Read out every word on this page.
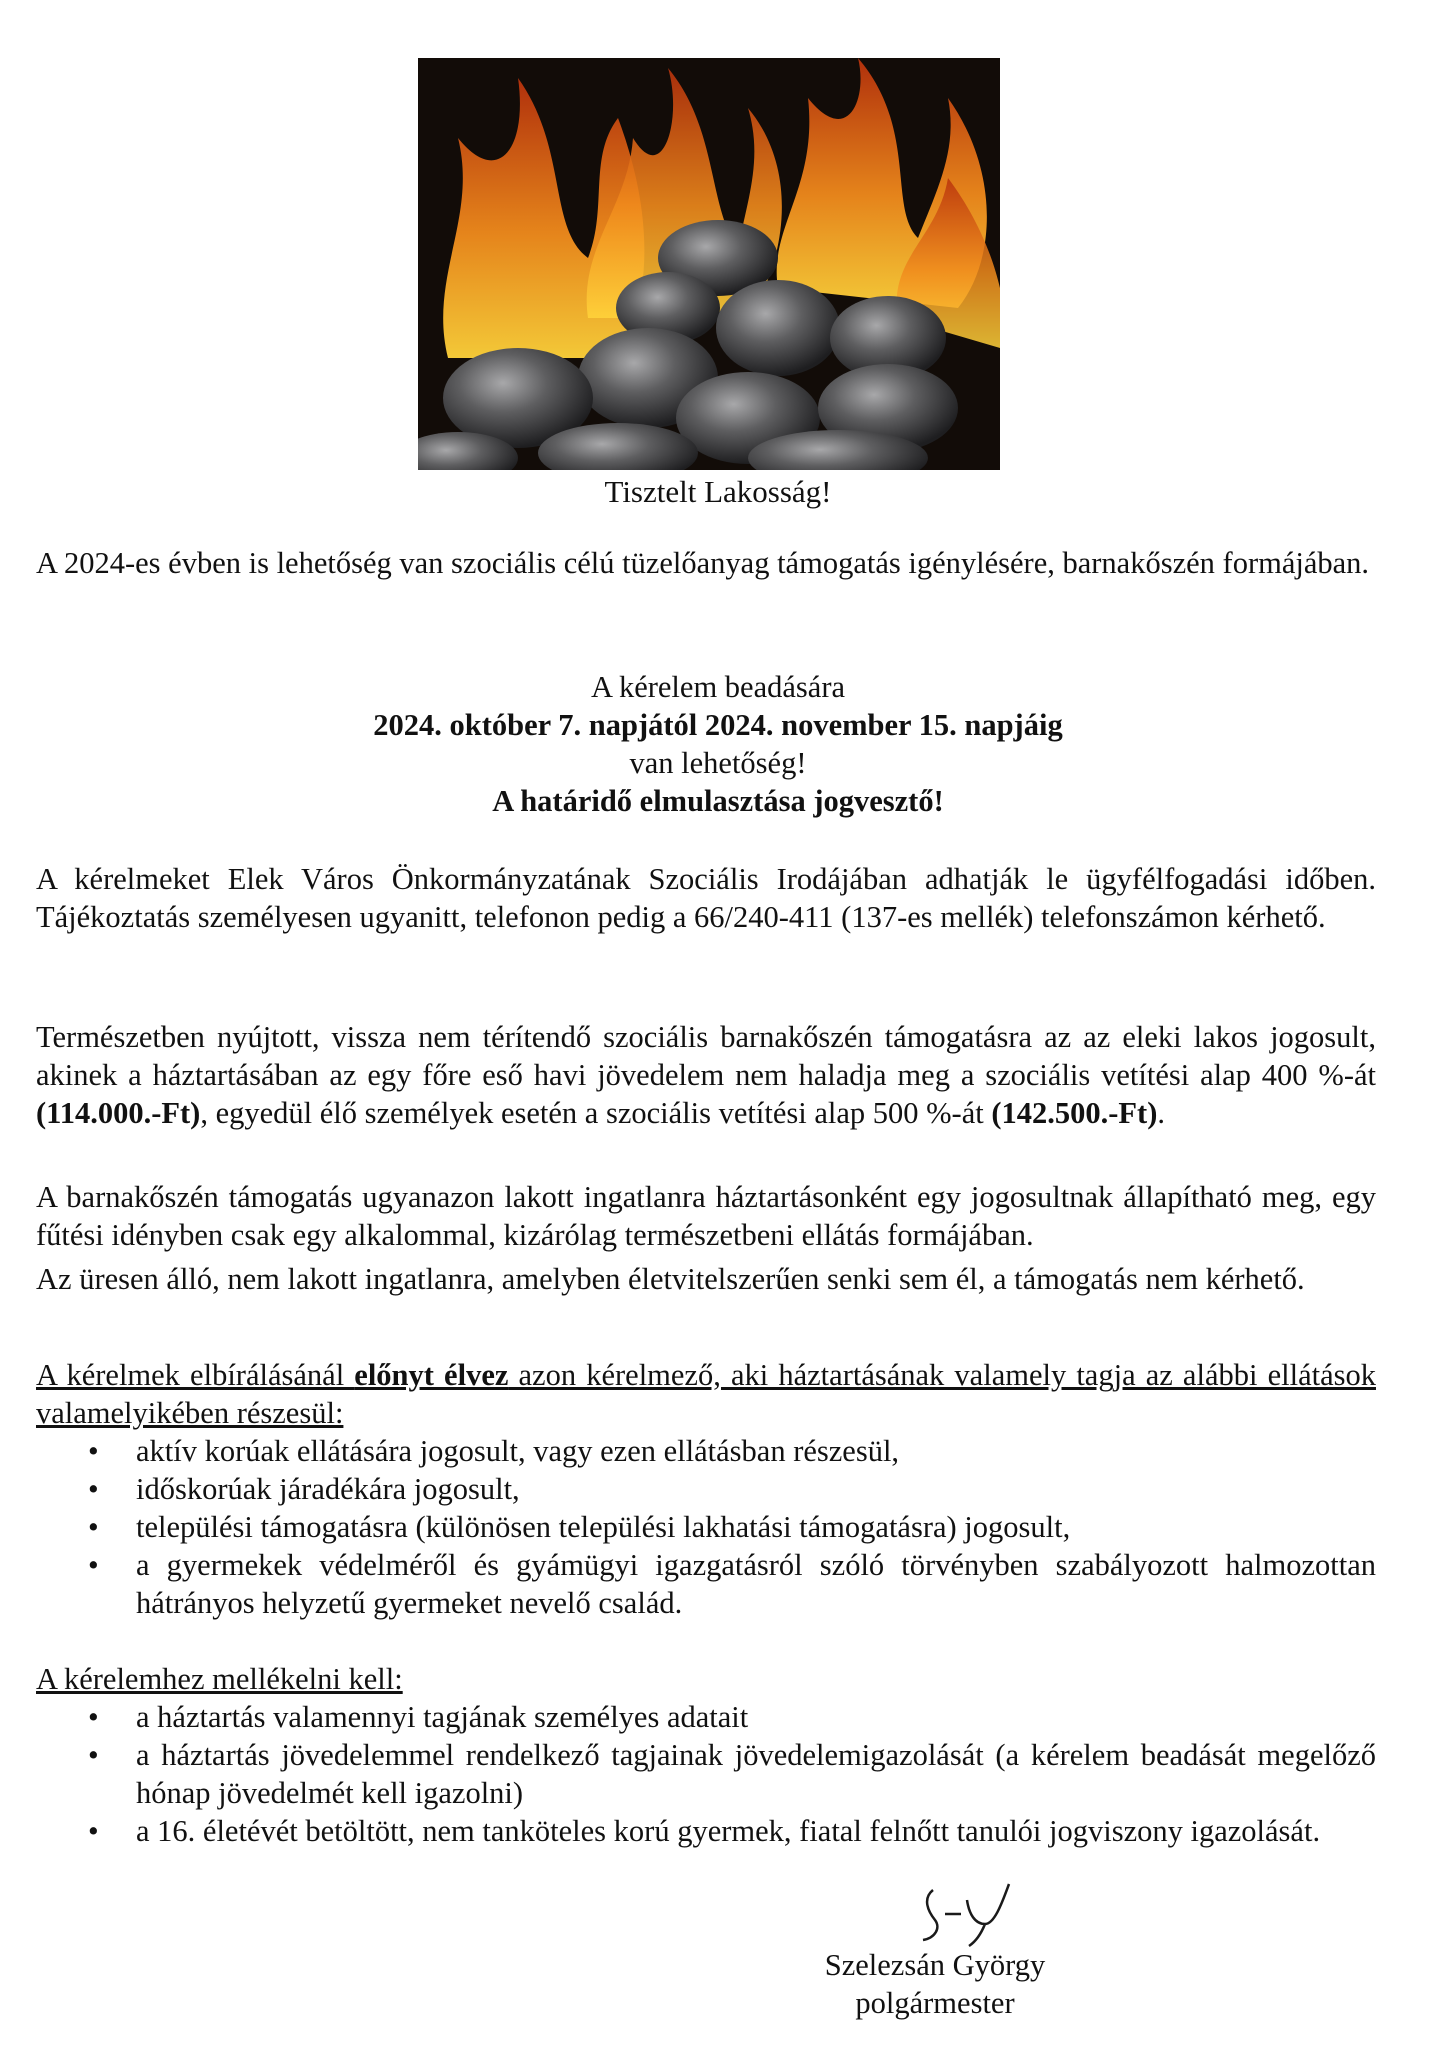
Tisztelt Lakosság!

A 2024-es évben is lehetőség van szociális célú tüzelőanyag támogatás igénylésére, barnakőszén formájában.

A kérelem beadására
2024. október 7. napjától 2024. november 15. napjáig
van lehetőség!
A határidő elmulasztása jogvesztő!

A kérelmeket Elek Város Önkormányzatának Szociális Irodájában adhatják le ügyfélfogadási időben. Tájékoztatás személyesen ugyanitt, telefonon pedig a 66/240-411 (137-es mellék) telefonszámon kérhető.

Természetben nyújtott, vissza nem térítendő szociális barnakőszén támogatásra az az eleki lakos jogosult, akinek a háztartásában az egy főre eső havi jövedelem nem haladja meg a szociális vetítési alap 400 %-át (114.000.-Ft), egyedül élő személyek esetén a szociális vetítési alap 500 %-át (142.500.-Ft).

A barnakőszén támogatás ugyanazon lakott ingatlanra háztartásonként egy jogosultnak állapítható meg, egy fűtési idényben csak egy alkalommal, kizárólag természetbeni ellátás formájában.

Az üresen álló, nem lakott ingatlanra, amelyben életvitelszerűen senki sem él, a támogatás nem kérhető.

A kérelmek elbírálásánál előnyt élvez azon kérelmező, aki háztartásának valamely tagja az alábbi ellátások valamelyikében részesül:

• aktív korúak ellátására jogosult, vagy ezen ellátásban részesül,
• időskorúak járadékára jogosult,
• települési támogatásra (különösen települési lakhatási támogatásra) jogosult,
• a gyermekek védelméről és gyámügyi igazgatásról szóló törvényben szabályozott halmozottan hátrányos helyzetű gyermeket nevelő család.
A kérelemhez mellékelni kell:
• a háztartás valamennyi tagjának személyes adatait
• a háztartás jövedelemmel rendelkező tagjainak jövedelemigazolását (a kérelem beadását megelőző hónap jövedelmét kell igazolni)
• a 16. életévét betöltött, nem tanköteles korú gyermek, fiatal felnőtt tanulói jogviszony igazolását.
Szelezsán György
polgármester
